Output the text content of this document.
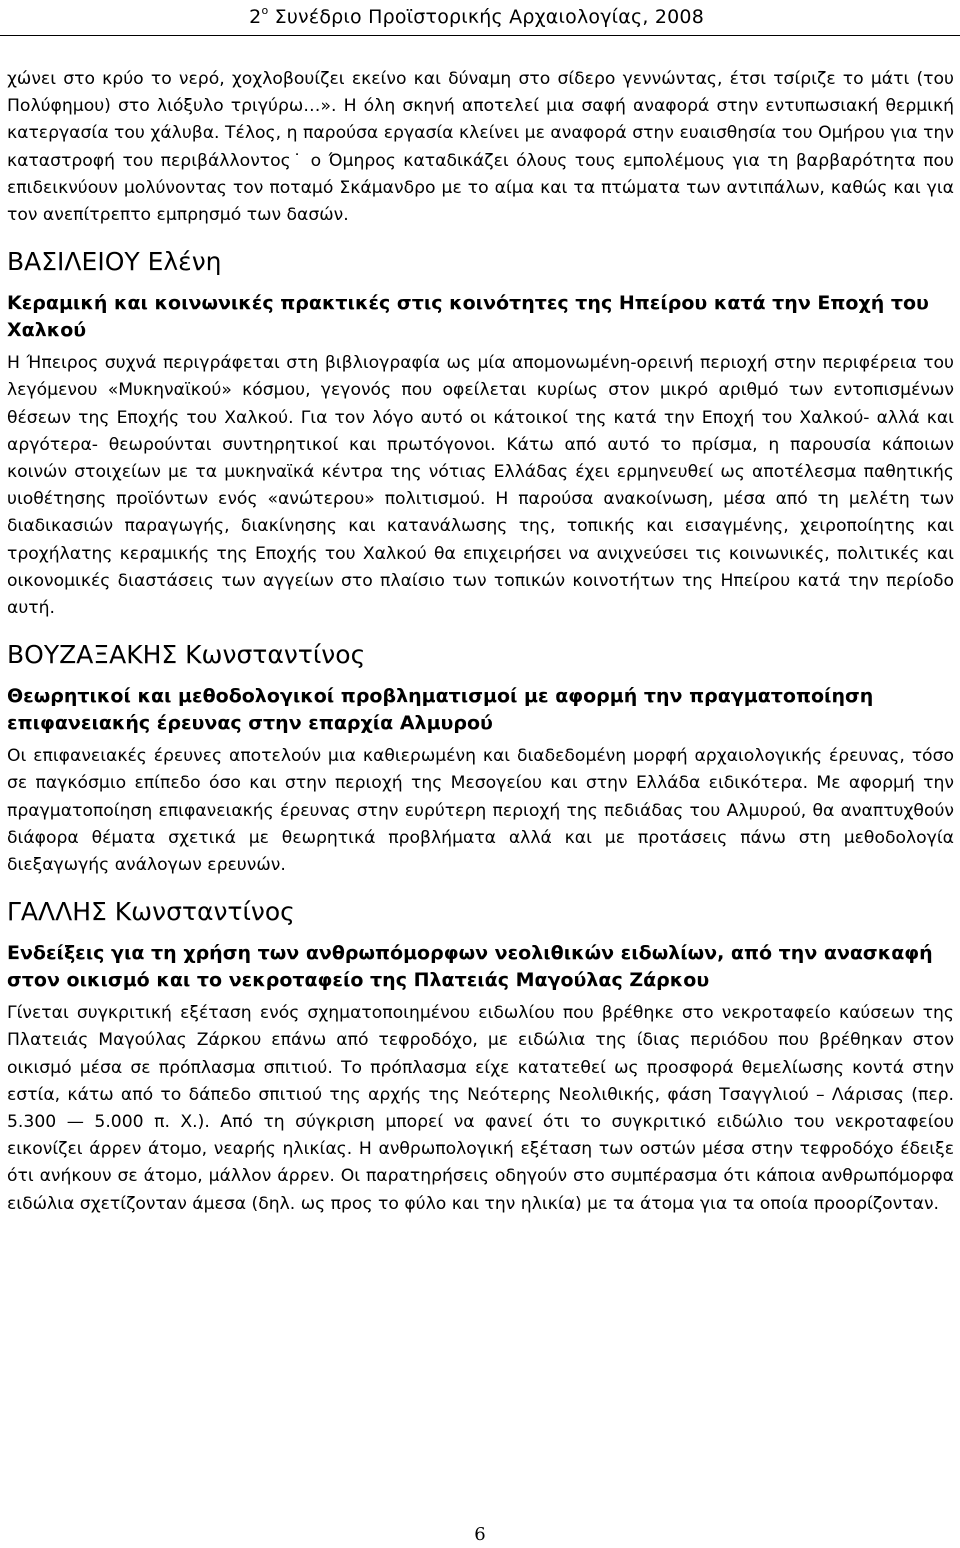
$2^o$ Συνέδριο Προϊστορικής Αρχαιολογίας, 2008

χώνει στο κρύο το νερό, χοχλοβουίζει εκείνο και δύναμη στο σίδερο γεννώντας, έτσι τσίριζε το μάτι (του Πολύφημου) στο λιόξυλο τριγύρω…». Η όλη σκηνή αποτελεί μια σαφή αναφορά στην εντυπωσιακή θερμική κατεργασία του χάλυβα. Τέλος, η παρούσα εργασία κλείνει με αναφορά στην ευαισθησία του Ομήρου για την καταστροφή του περιβάλλοντος˙ ο Όμηρος καταδικάζει όλους τους εμπολέμους για τη βαρβαρότητα που επιδεικνύουν μολύνοντας τον ποταμό Σκάμανδρο με το αίμα και τα πτώματα των αντιπάλων, καθώς και για τον ανεπίτρεπτο εμπρησμό των δασών.

ΒΑΣΙΛΕΙΟΥ Ελένη
Κεραμική και κοινωνικές πρακτικές στις κοινότητες της Ηπείρου κατά την Εποχή του Χαλκού

Η Ήπειρος συχνά περιγράφεται στη βιβλιογραφία ως μία απομονωμένη-ορεινή περιοχή στην περιφέρεια του λεγόμενου «Μυκηναϊκού» κόσμου, γεγονός που οφείλεται κυρίως στον μικρό αριθμό των εντοπισμένων θέσεων της Εποχής του Χαλκού. Για τον λόγο αυτό οι κάτοικοί της κατά την Εποχή του Χαλκού- αλλά και αργότερα- θεωρούνται συντηρητικοί και πρωτόγονοι. Κάτω από αυτό το πρίσμα, η παρουσία κάποιων κοινών στοιχείων με τα μυκηναϊκά κέντρα της νότιας Ελλάδας έχει ερμηνευθεί ως αποτέλεσμα παθητικής υιοθέτησης προϊόντων ενός «ανώτερου» πολιτισμού. Η παρούσα ανακοίνωση, μέσα από τη μελέτη των διαδικασιών παραγωγής, διακίνησης και κατανάλωσης της, τοπικής και εισαγμένης, χειροποίητης και τροχήλατης κεραμικής της Εποχής του Χαλκού θα επιχειρήσει να ανιχνεύσει τις κοινωνικές, πολιτικές και οικονομικές διαστάσεις των αγγείων στο πλαίσιο των τοπικών κοινοτήτων της Ηπείρου κατά την περίοδο αυτή.

ΒΟΥΖΑΞΑΚΗΣ Κωνσταντίνος
Θεωρητικοί και μεθοδολογικοί προβληματισμοί με αφορμή την πραγματοποίηση επιφανειακής έρευνας στην επαρχία Αλμυρού

Οι επιφανειακές έρευνες αποτελούν μια καθιερωμένη και διαδεδομένη μορφή αρχαιολογικής έρευνας, τόσο σε παγκόσμιο επίπεδο όσο και στην περιοχή της Μεσογείου και στην Ελλάδα ειδικότερα. Με αφορμή την πραγματοποίηση επιφανειακής έρευνας στην ευρύτερη περιοχή της πεδιάδας του Αλμυρού, θα αναπτυχθούν διάφορα θέματα σχετικά με θεωρητικά προβλήματα αλλά και με προτάσεις πάνω στη μεθοδολογία διεξαγωγής ανάλογων ερευνών.

ΓΑΛΛΗΣ Κωνσταντίνος
Ενδείξεις για τη χρήση των ανθρωπόμορφων νεολιθικών ειδωλίων, από την ανασκαφή στον οικισμό και το νεκροταφείο της Πλατειάς Μαγούλας Ζάρκου

Γίνεται συγκριτική εξέταση ενός σχηματοποιημένου ειδωλίου που βρέθηκε στο νεκροταφείο καύσεων της Πλατειάς Μαγούλας Ζάρκου επάνω από τεφροδόχο, με ειδώλια της ίδιας περιόδου που βρέθηκαν στον οικισμό μέσα σε πρόπλασμα σπιτιού. Το πρόπλασμα είχε κατατεθεί ως προσφορά θεμελίωσης κοντά στην εστία, κάτω από το δάπεδο σπιτιού της αρχής της Νεότερης Νεολιθικής, φάση Τσαγγλιού – Λάρισας (περ. 5.300 — 5.000 π. Χ.). Από τη σύγκριση μπορεί να φανεί ότι το συγκριτικό ειδώλιο του νεκροταφείου εικονίζει άρρεν άτομο, νεαρής ηλικίας. Η ανθρωπολογική εξέταση των οστών μέσα στην τεφροδόχο έδειξε ότι ανήκουν σε άτομο, μάλλον άρρεν. Οι παρατηρήσεις οδηγούν στο συμπέρασμα ότι κάποια ανθρωπόμορφα ειδώλια σχετίζονταν άμεσα (δηλ. ως προς το φύλο και την ηλικία) με τα άτομα για τα οποία προορίζονταν.

6
